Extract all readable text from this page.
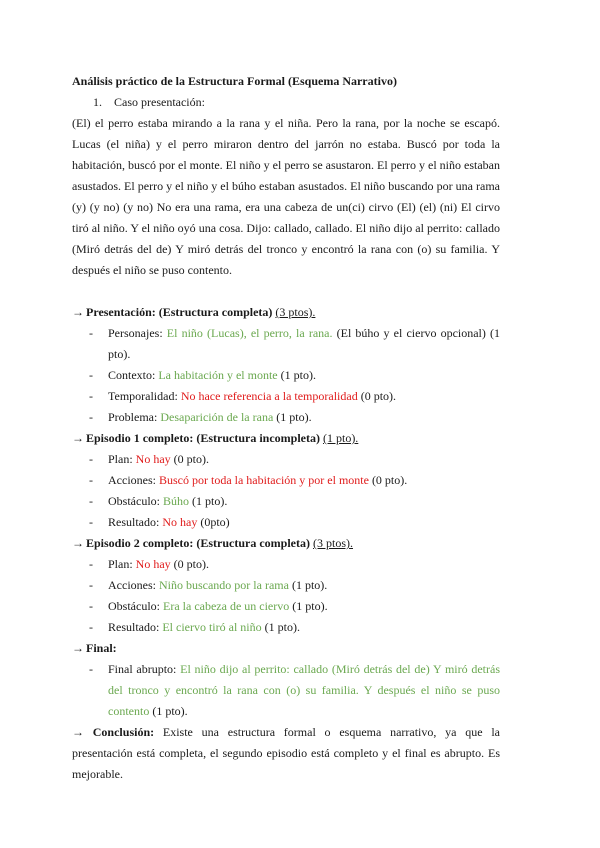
Análisis práctico de la Estructura Formal (Esquema Narrativo)

1. Caso presentación:

(El) el perro estaba mirando a la rana y el niña. Pero la rana, por la noche se escapó. Lucas (el niña) y el perro miraron dentro del jarrón no estaba. Buscó por toda la habitación, buscó por el monte. El niño y el perro se asustaron. El perro y el niño estaban asustados. El perro y el niño y el búho estaban asustados. El niño buscando por una rama (y) (y no) (y no) No era una rama, era una cabeza de un(ci) cirvo (El) (el) (ni) El cirvo tiró al niño. Y el niño oyó una cosa. Dijo: callado, callado. El niño dijo al perrito: callado (Miró detrás del de) Y miró detrás del tronco y encontró la rana con (o) su familia. Y después el niño se puso contento.

→ Presentación: (Estructura completa) (3 ptos).
- Personajes: El niño (Lucas), el perro, la rana. (El búho y el ciervo opcional) (1 pto).
- Contexto: La habitación y el monte (1 pto).
- Temporalidad: No hace referencia a la temporalidad (0 pto).
- Problema: Desaparición de la rana (1 pto).
→ Episodio 1 completo: (Estructura incompleta) (1 pto).
- Plan: No hay (0 pto).
- Acciones: Buscó por toda la habitación y por el monte (0 pto).
- Obstáculo: Búho (1 pto).
- Resultado: No hay (0pto)
→ Episodio 2 completo: (Estructura completa) (3 ptos).
- Plan: No hay (0 pto).
- Acciones: Niño buscando por la rama (1 pto).
- Obstáculo: Era la cabeza de un ciervo (1 pto).
- Resultado: El ciervo tiró al niño (1 pto).
→ Final:
- Final abrupto: El niño dijo al perrito: callado (Miró detrás del de) Y miró detrás del tronco y encontró la rana con (o) su familia. Y después el niño se puso contento (1 pto).
→ Conclusión: Existe una estructura formal o esquema narrativo, ya que la presentación está completa, el segundo episodio está completo y el final es abrupto. Es mejorable.
